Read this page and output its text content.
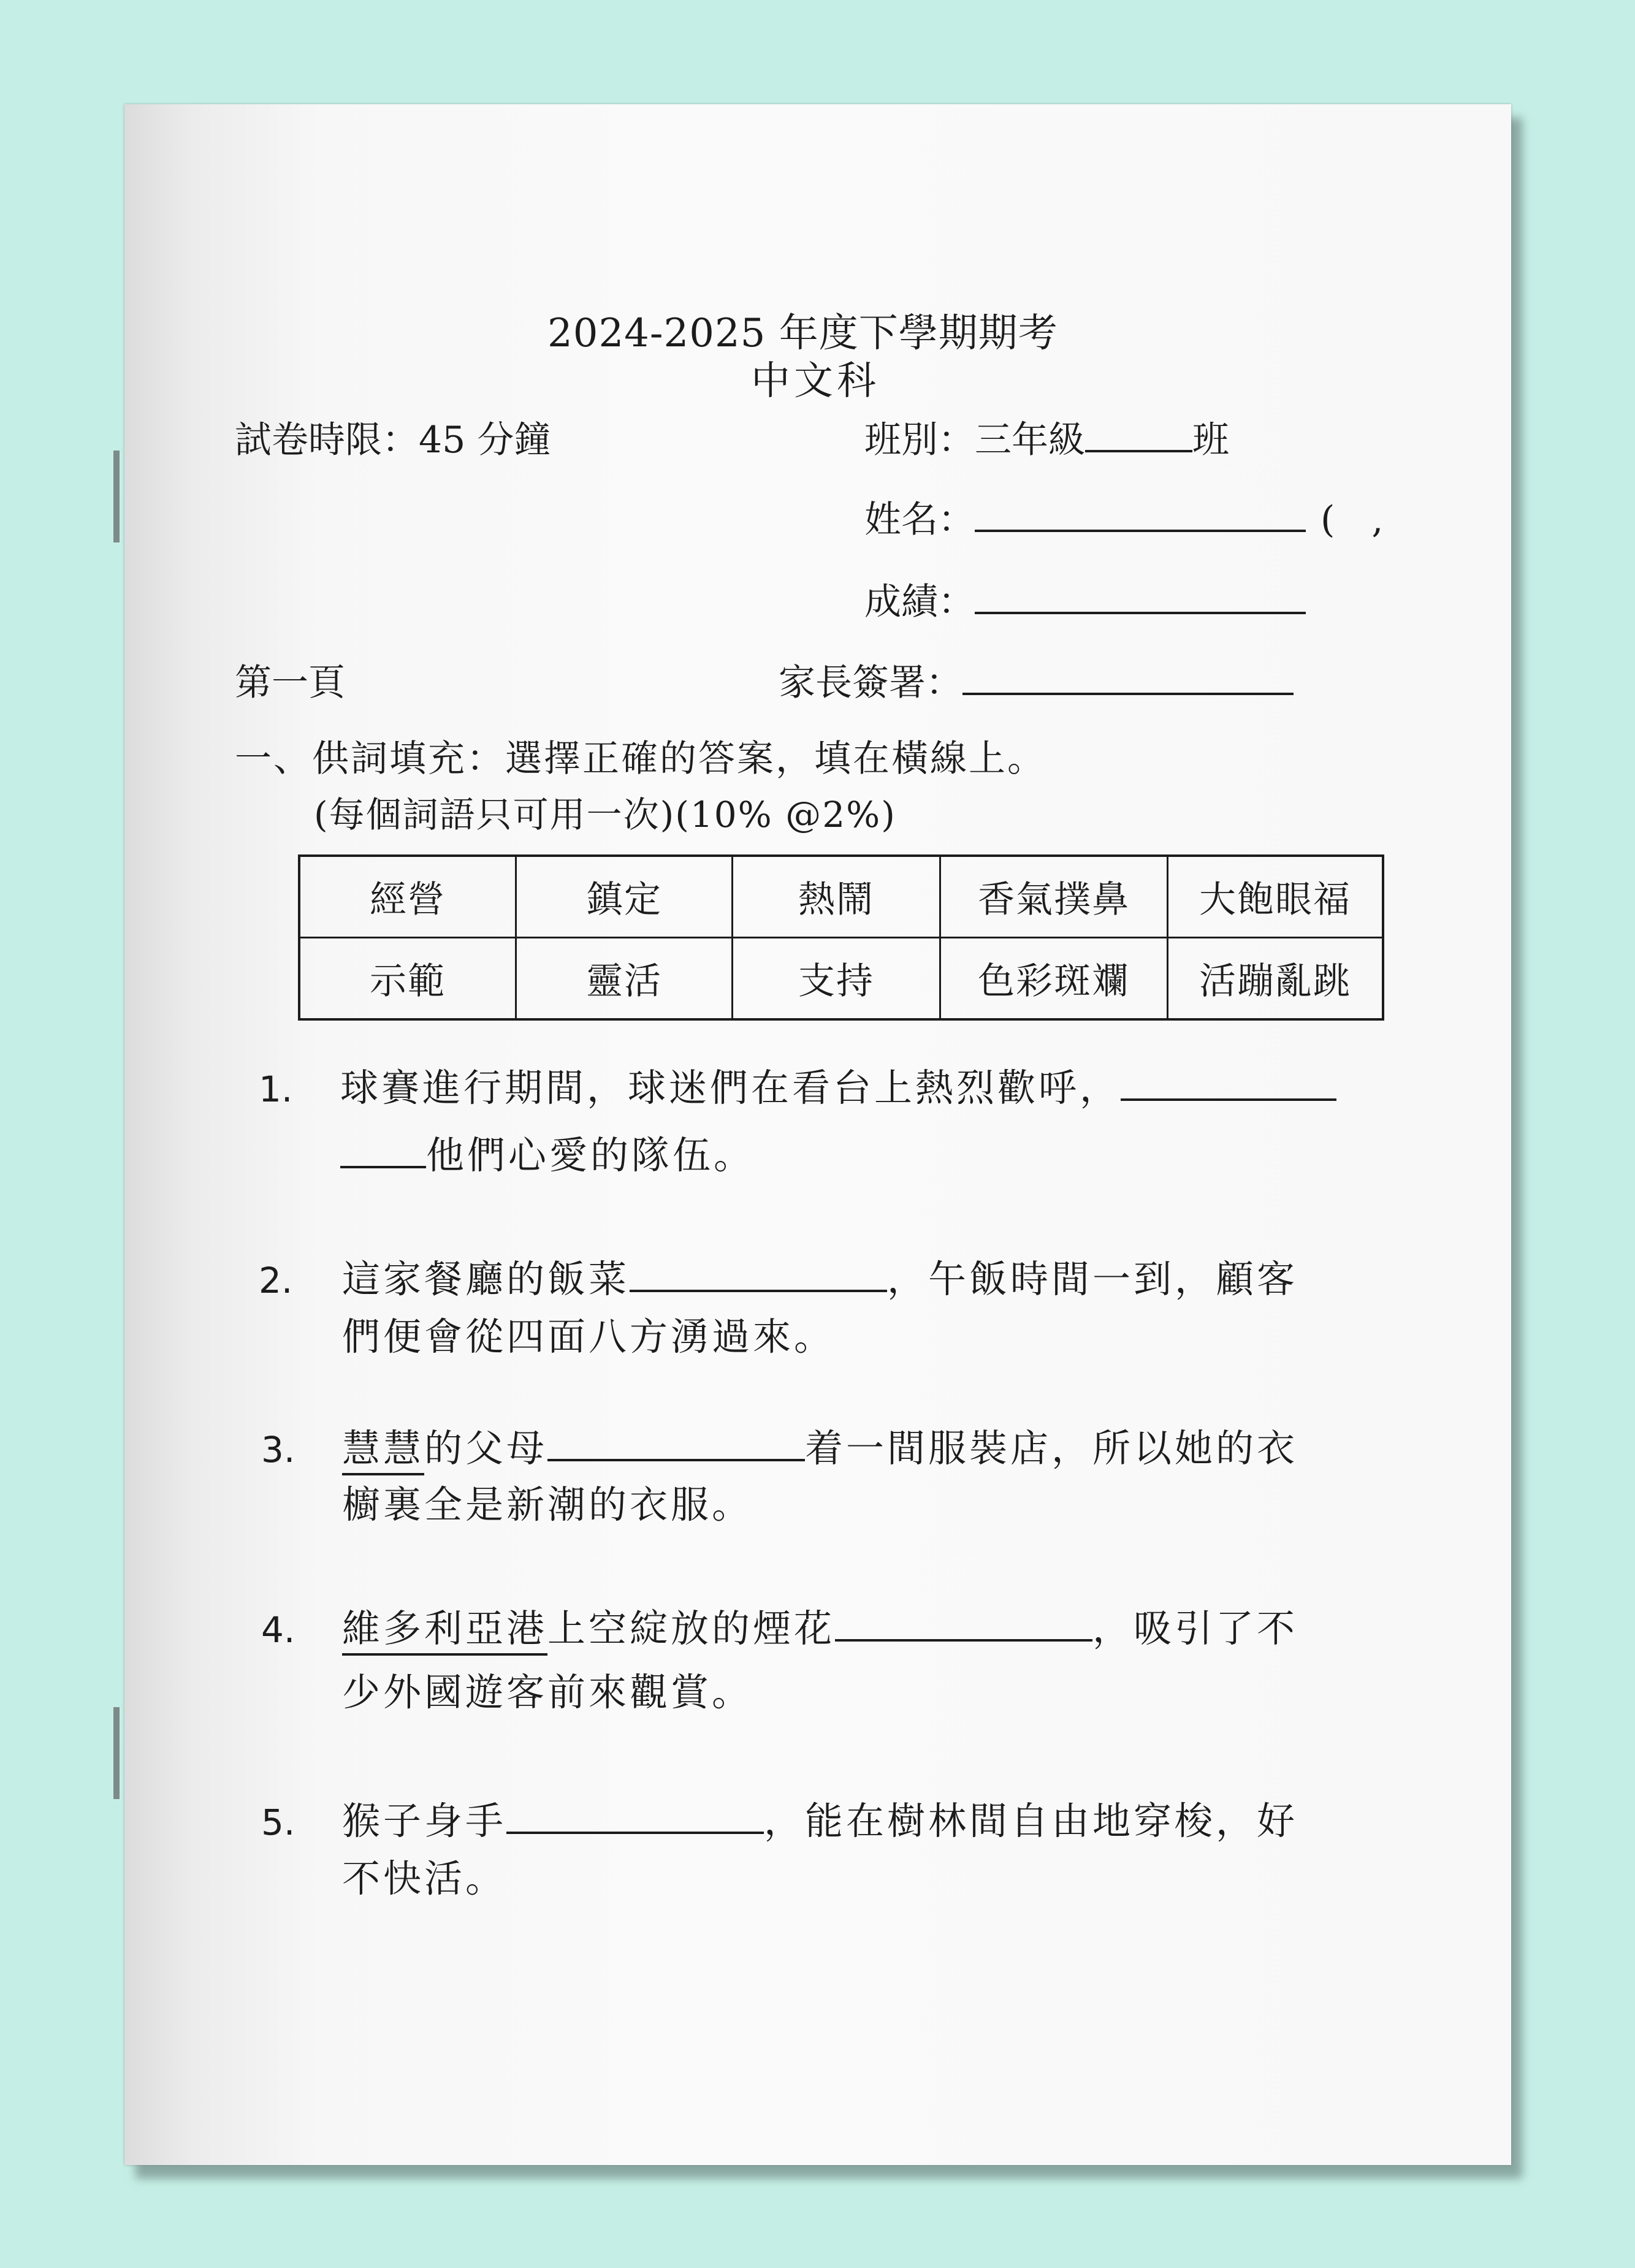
2024-2025 年度下學期期考
中文科
試卷時限：45 分鐘	班別：三年級	班
姓名：	(　,
成績：
第一頁	家長簽署：
一、供詞填充：選擇正確的答案，填在橫線上。
(每個詞語只可用一次)(10% @2%)
經營	鎮定	熱鬧	香氣撲鼻	大飽眼福
示範	靈活	支持	色彩斑斕	活蹦亂跳
1. 球賽進行期間，球迷們在看台上熱烈歡呼，
他們心愛的隊伍。
2. 這家餐廳的飯菜	，午飯時間一到，顧客
們便會從四面八方湧過來。
3. 慧慧的父母	着一間服裝店，所以她的衣
櫥裏全是新潮的衣服。
4. 維多利亞港上空綻放的煙花	，吸引了不
少外國遊客前來觀賞。
5. 猴子身手	，能在樹林間自由地穿梭，好
不快活。
